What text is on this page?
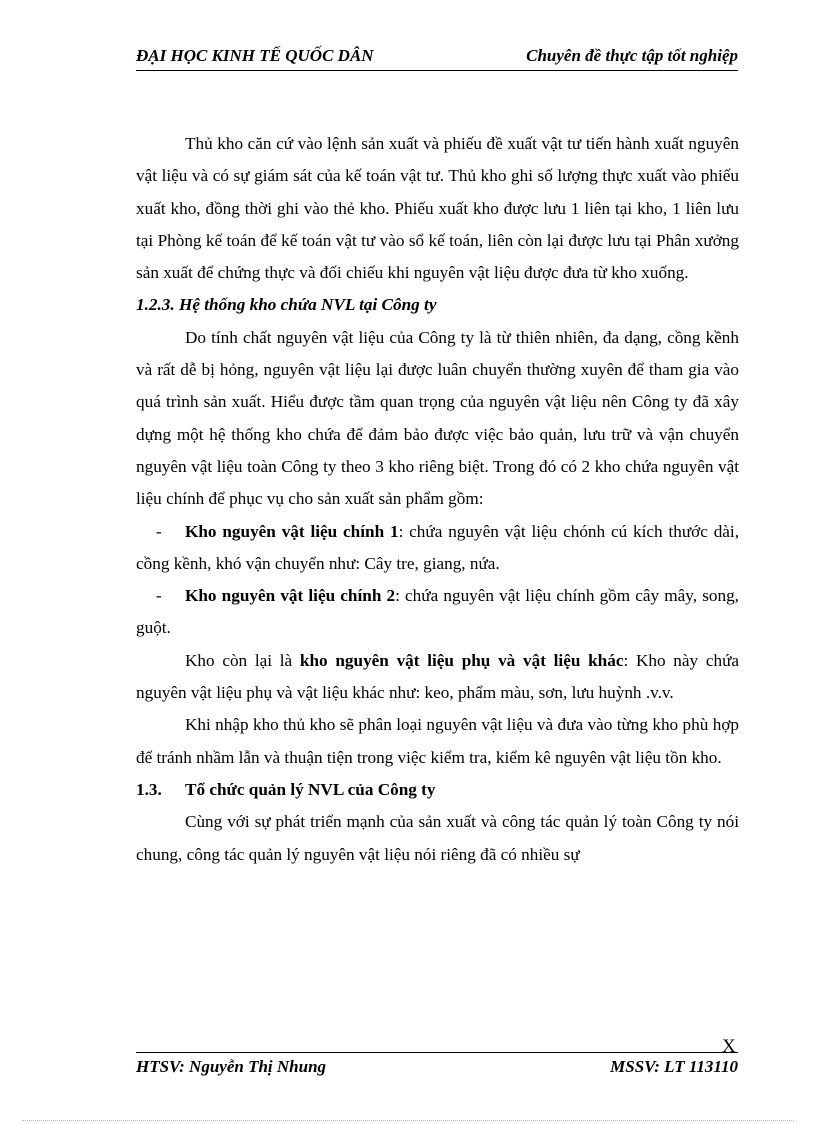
ĐẠI HỌC KINH TẾ QUỐC DÂN	Chuyên đề thực tập tốt nghiệp

Thủ kho căn cứ vào lệnh sản xuất và phiếu đề xuất vật tư tiến hành xuất nguyên vật liệu và có sự giám sát của kế toán vật tư. Thủ kho ghi số lượng thực xuất vào phiếu xuất kho, đồng thời ghi vào thẻ kho. Phiếu xuất kho được lưu 1 liên tại kho, 1 liên lưu tại Phòng kế toán để kế toán vật tư vào sổ kế toán, liên còn lại được lưu tại Phân xưởng sản xuất để chứng thực và đối chiếu khi nguyên vật liệu được đưa từ kho xuống.

1.2.3. Hệ thống kho chứa NVL tại Công ty

Do tính chất nguyên vật liệu của Công ty là từ thiên nhiên, đa dạng, cồng kềnh và rất dễ bị hỏng, nguyên vật liệu lại được luân chuyển thường xuyên để tham gia vào quá trình sản xuất. Hiểu được tầm quan trọng của nguyên vật liệu nên Công ty đã xây dựng một hệ thống kho chứa để đảm bảo được việc bảo quản, lưu trữ và vận chuyển nguyên vật liệu toàn Công ty theo 3 kho riêng biệt. Trong đó có 2 kho chứa nguyên vật liệu chính để phục vụ cho sản xuất sản phẩm gồm:

- Kho nguyên vật liệu chính 1: chứa nguyên vật liệu chónh cú kích thước dài, cồng kềnh, khó vận chuyển như: Cây tre, giang, nứa.

- Kho nguyên vật liệu chính 2: chứa nguyên vật liệu chính gồm cây mây, song, guột.

Kho còn lại là kho nguyên vật liệu phụ và vật liệu khác: Kho này chứa nguyên vật liệu phụ và vật liệu khác như: keo, phẩm màu, sơn, lưu huỳnh .v.v.

Khi nhập kho thủ kho sẽ phân loại nguyên vật liệu và đưa vào từng kho phù hợp để tránh nhầm lẫn và thuận tiện trong việc kiểm tra, kiểm kê nguyên vật liệu tồn kho.

1.3. Tổ chức quản lý NVL của Công ty

Cùng với sự phát triển mạnh của sản xuất và công tác quản lý toàn Công ty nói chung, công tác quản lý nguyên vật liệu nói riêng đã có nhiều sự

X
HTSV: Nguyễn Thị Nhung	MSSV: LT 113110
